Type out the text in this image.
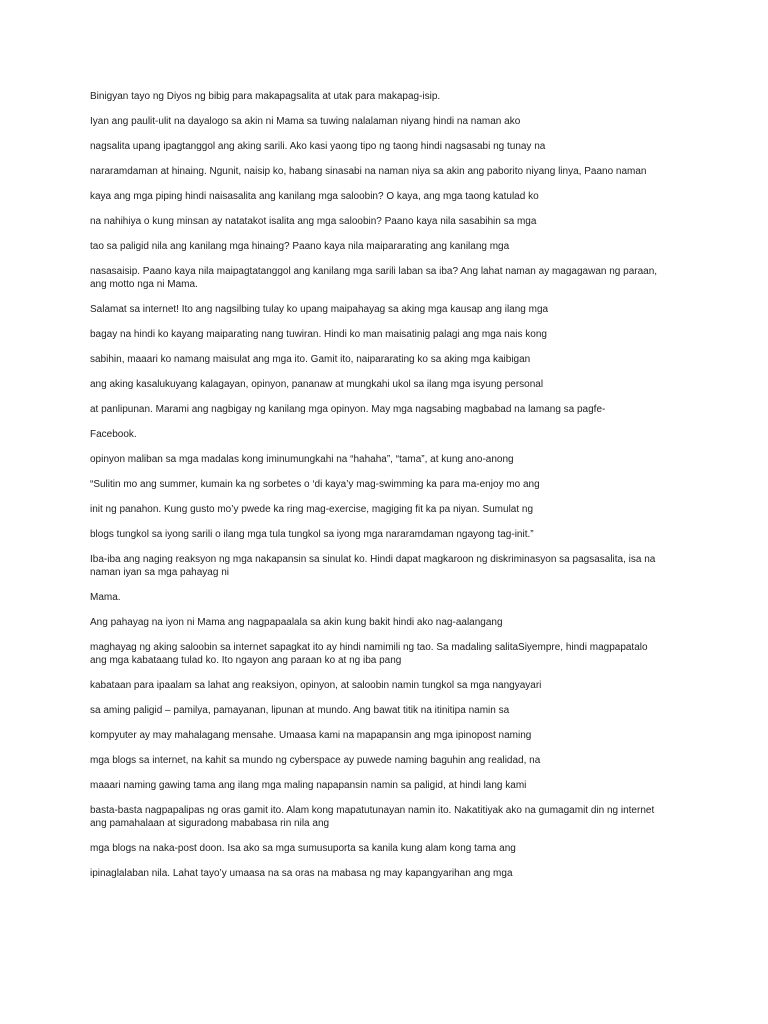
Binigyan tayo ng Diyos ng bibig para makapagsalita at utak para makapag-isip.

Iyan ang paulit-ulit na dayalogo sa akin ni Mama sa tuwing nalalaman niyang hindi na naman ako

nagsalita upang ipagtanggol ang aking sarili. Ako kasi yaong tipo ng taong hindi nagsasabi ng tunay na

nararamdaman at hinaing. Ngunit, naisip ko, habang sinasabi na naman niya sa akin ang paborito niyang linya, Paano naman

kaya ang mga piping hindi naisasalita ang kanilang mga saloobin? O kaya, ang mga taong katulad ko

na nahihiya o kung minsan ay natatakot isalita ang mga saloobin? Paano kaya nila sasabihin sa mga

tao sa paligid nila ang kanilang mga hinaing? Paano kaya nila maipararating ang kanilang mga

nasasaisip. Paano kaya nila maipagtatanggol ang kanilang mga sarili laban sa iba? Ang lahat naman ay magagawan ng paraan,

ang motto nga ni Mama.

Salamat sa internet! Ito ang nagsilbing tulay ko upang maipahayag sa aking mga kausap ang ilang mga

bagay na hindi ko kayang maiparating nang tuwiran. Hindi ko man maisatinig palagi ang mga nais kong

sabihin, maaari ko namang maisulat ang mga ito. Gamit ito, naipararating ko sa aking mga kaibigan

ang aking kasalukuyang kalagayan, opinyon, pananaw at mungkahi ukol sa ilang mga isyung personal

at panlipunan. Marami ang nagbigay ng kanilang mga opinyon. May mga nagsabing magbabad na lamang sa pagfe-

Facebook.

opinyon maliban sa mga madalas kong iminumungkahi na “hahaha”, “tama”, at kung ano-anong

“Sulitin mo ang summer, kumain ka ng sorbetes o ‘di kaya’y mag-swimming ka para ma-enjoy mo ang

init ng panahon. Kung gusto mo’y pwede ka ring mag-exercise, magiging fit ka pa niyan. Sumulat ng

blogs tungkol sa iyong sarili o ilang mga tula tungkol sa iyong mga nararamdaman ngayong tag-init.”

Iba-iba ang naging reaksyon ng mga nakapansin sa sinulat ko. Hindi dapat magkaroon ng diskriminasyon sa pagsasalita, isa na

naman iyan sa mga pahayag ni

Mama.

Ang pahayag na iyon ni Mama ang nagpapaalala sa akin kung bakit hindi ako nag-aalangang

maghayag ng aking saloobin sa internet sapagkat ito ay hindi namimili ng tao. Sa madaling salitaSiyempre, hindi magpapatalo

ang mga kabataang tulad ko. Ito ngayon ang paraan ko at ng iba pang

kabataan para ipaalam sa lahat ang reaksiyon, opinyon, at saloobin namin tungkol sa mga nangyayari

sa aming paligid – pamilya, pamayanan, lipunan at mundo. Ang bawat titik na itinitipa namin sa

kompyuter ay may mahalagang mensahe. Umaasa kami na mapapansin ang mga ipinopost naming

mga blogs sa internet, na kahit sa mundo ng cyberspace ay puwede naming baguhin ang realidad, na

maaari naming gawing tama ang ilang mga maling napapansin namin sa paligid, at hindi lang kami

basta-basta nagpapalipas ng oras gamit ito. Alam kong mapatutunayan namin ito. Nakatitiyak ako na gumagamit din ng internet

ang pamahalaan at siguradong mababasa rin nila ang

mga blogs na naka-post doon. Isa ako sa mga sumusuporta sa kanila kung alam kong tama ang

ipinaglalaban nila. Lahat tayo’y umaasa na sa oras na mabasa ng may kapangyarihan ang mga
